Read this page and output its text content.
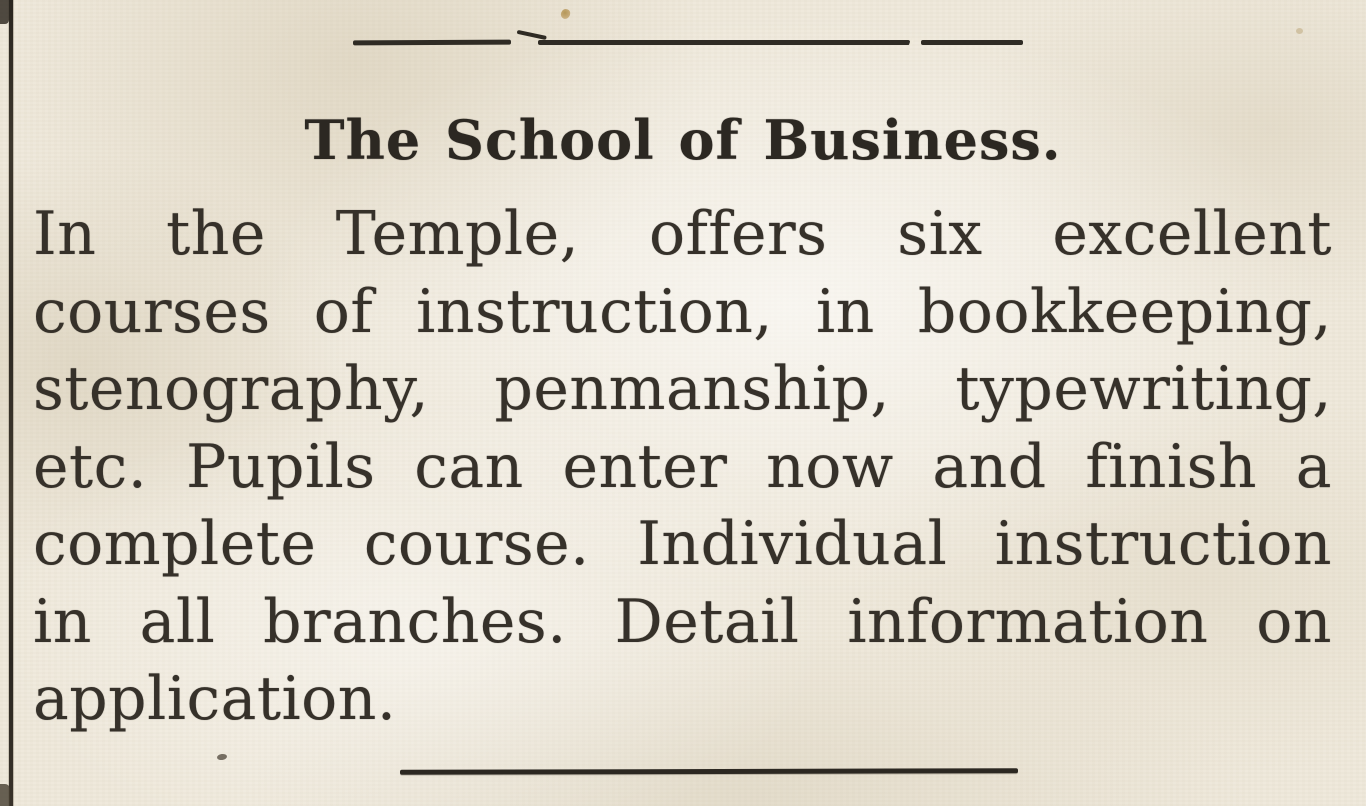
The School of Business.
In the Temple, offers six excellent
courses of instruction, in bookkeeping,
stenography, penmanship, typewriting,
etc. Pupils can enter now and finish a
complete course. Individual instruction
in all branches. Detail information on
application.
